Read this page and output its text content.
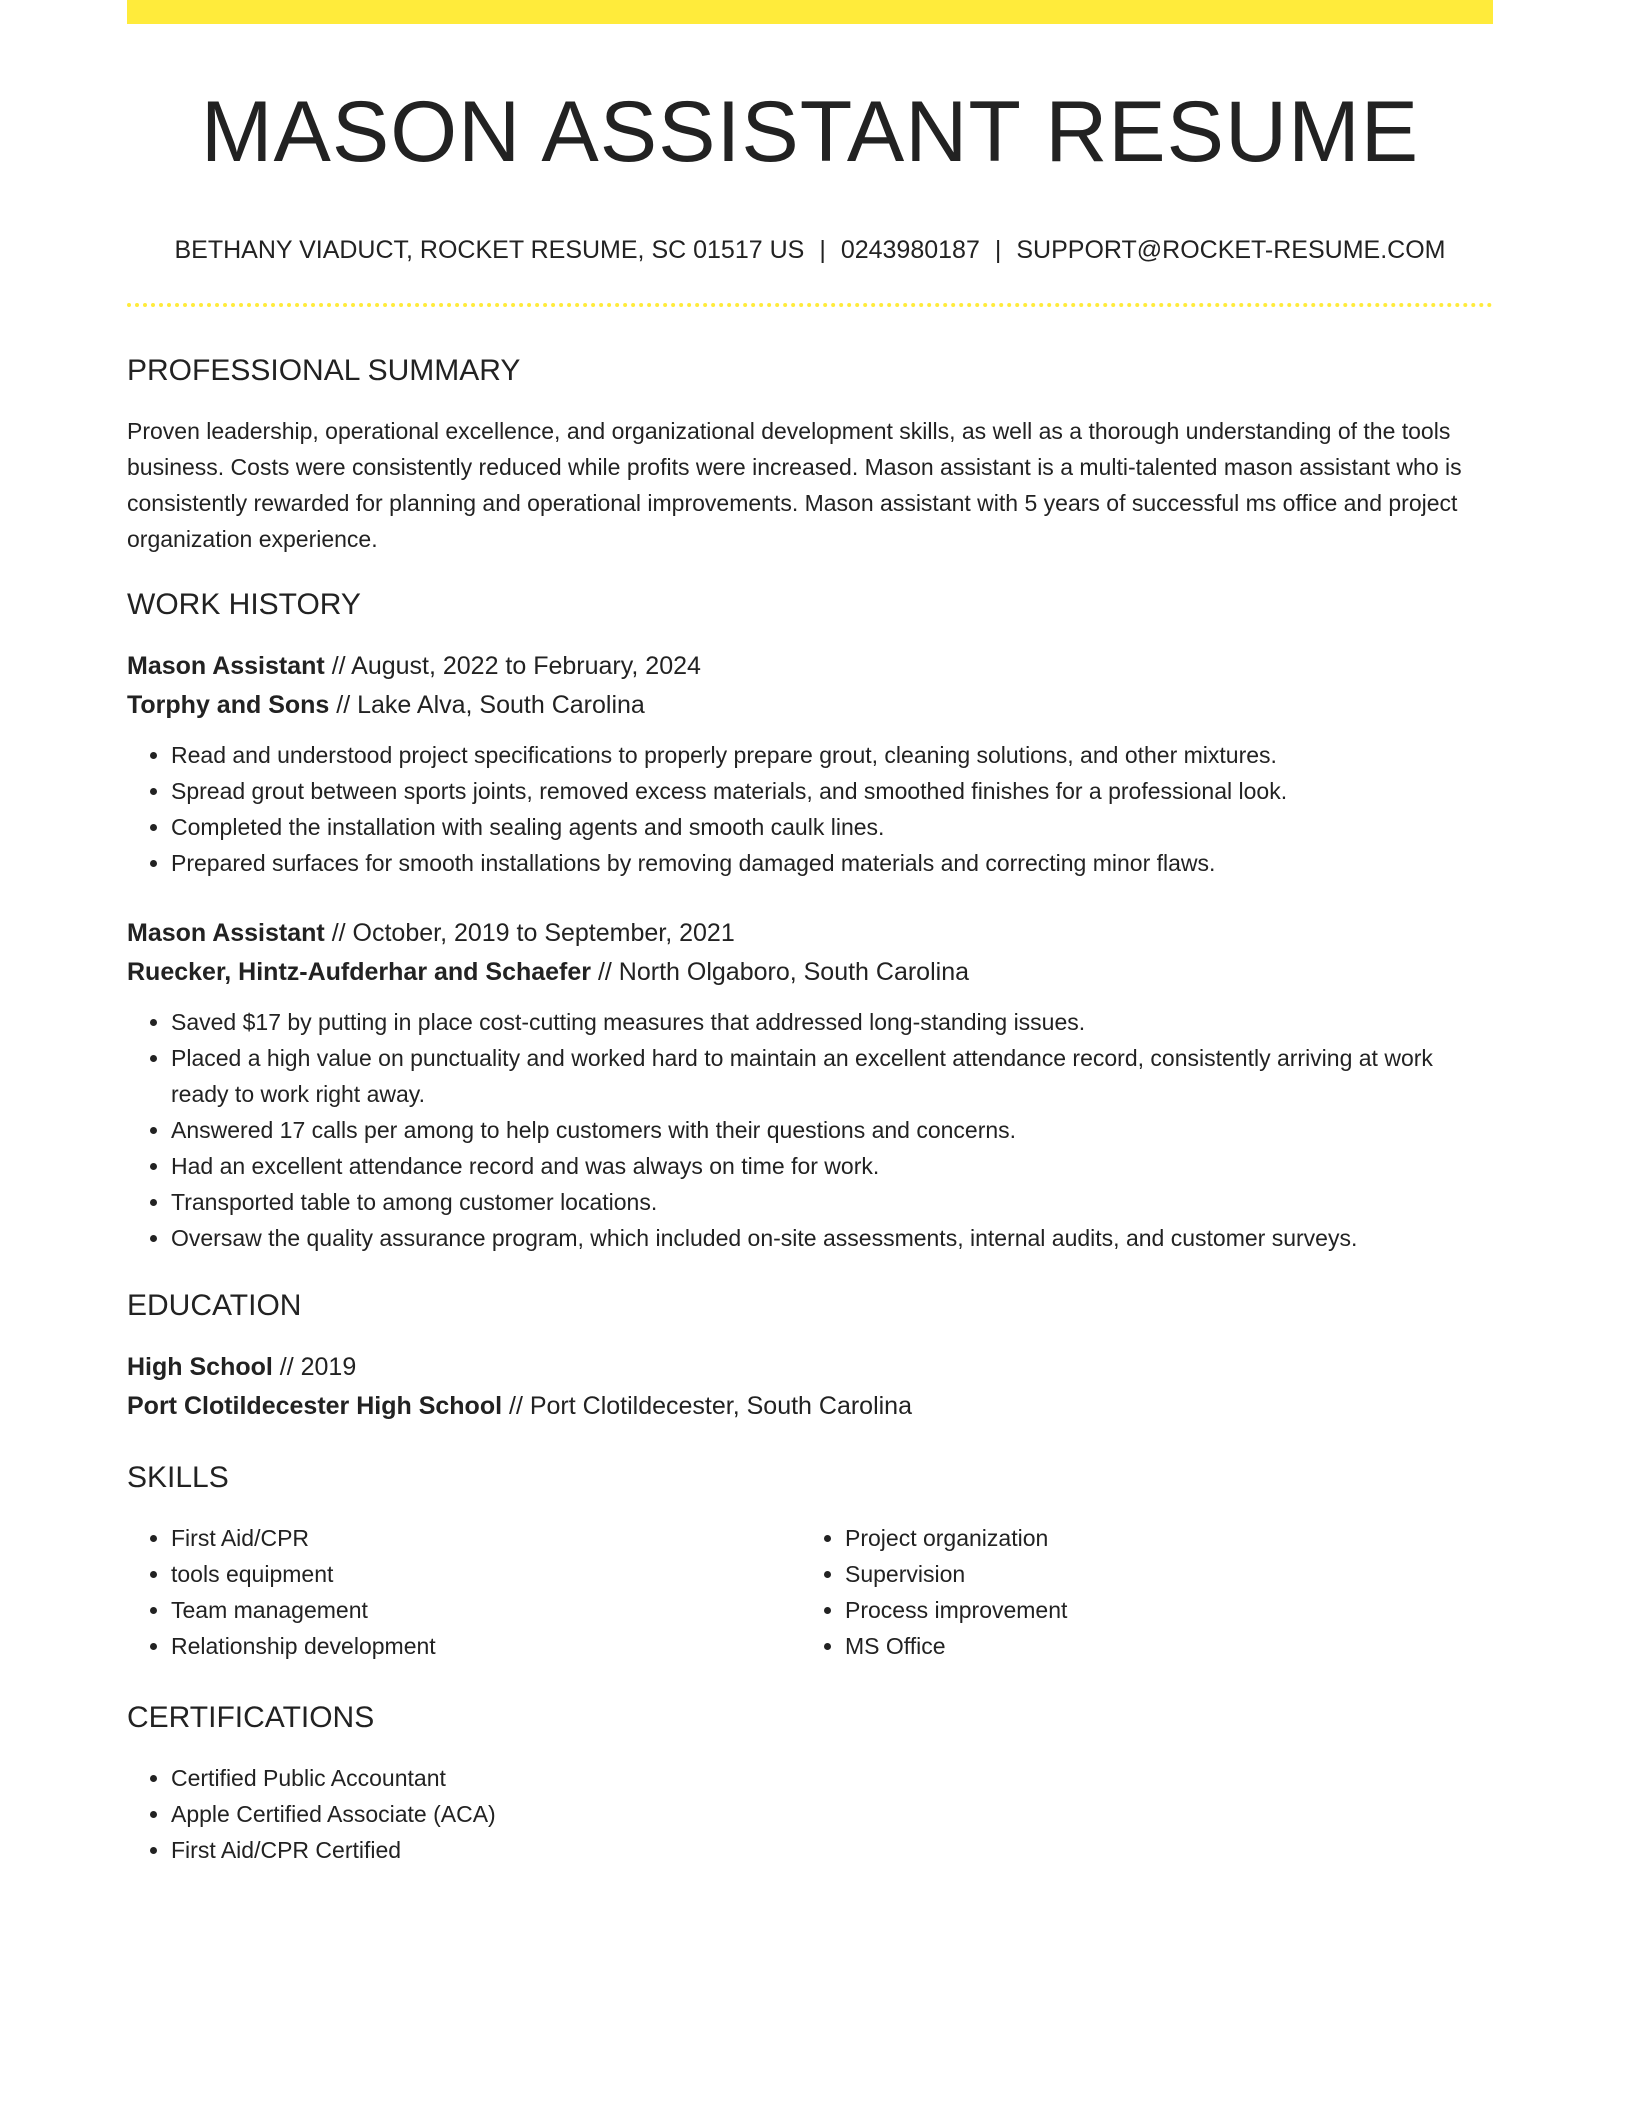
MASON ASSISTANT RESUME
BETHANY VIADUCT, ROCKET RESUME, SC 01517 US | 0243980187 | SUPPORT@ROCKET-RESUME.COM
PROFESSIONAL SUMMARY
Proven leadership, operational excellence, and organizational development skills, as well as a thorough understanding of the tools business. Costs were consistently reduced while profits were increased. Mason assistant is a multi-talented mason assistant who is consistently rewarded for planning and operational improvements. Mason assistant with 5 years of successful ms office and project organization experience.
WORK HISTORY
Mason Assistant // August, 2022 to February, 2024
Torphy and Sons // Lake Alva, South Carolina
• Read and understood project specifications to properly prepare grout, cleaning solutions, and other mixtures.
• Spread grout between sports joints, removed excess materials, and smoothed finishes for a professional look.
• Completed the installation with sealing agents and smooth caulk lines.
• Prepared surfaces for smooth installations by removing damaged materials and correcting minor flaws.
Mason Assistant // October, 2019 to September, 2021
Ruecker, Hintz-Aufderhar and Schaefer // North Olgaboro, South Carolina
• Saved $17 by putting in place cost-cutting measures that addressed long-standing issues.
• Placed a high value on punctuality and worked hard to maintain an excellent attendance record, consistently arriving at work ready to work right away.
• Answered 17 calls per among to help customers with their questions and concerns.
• Had an excellent attendance record and was always on time for work.
• Transported table to among customer locations.
• Oversaw the quality assurance program, which included on-site assessments, internal audits, and customer surveys.
EDUCATION
High School // 2019
Port Clotildecester High School // Port Clotildecester, South Carolina
SKILLS
• First Aid/CPR
• tools equipment
• Team management
• Relationship development
• Project organization
• Supervision
• Process improvement
• MS Office
CERTIFICATIONS
• Certified Public Accountant
• Apple Certified Associate (ACA)
• First Aid/CPR Certified
